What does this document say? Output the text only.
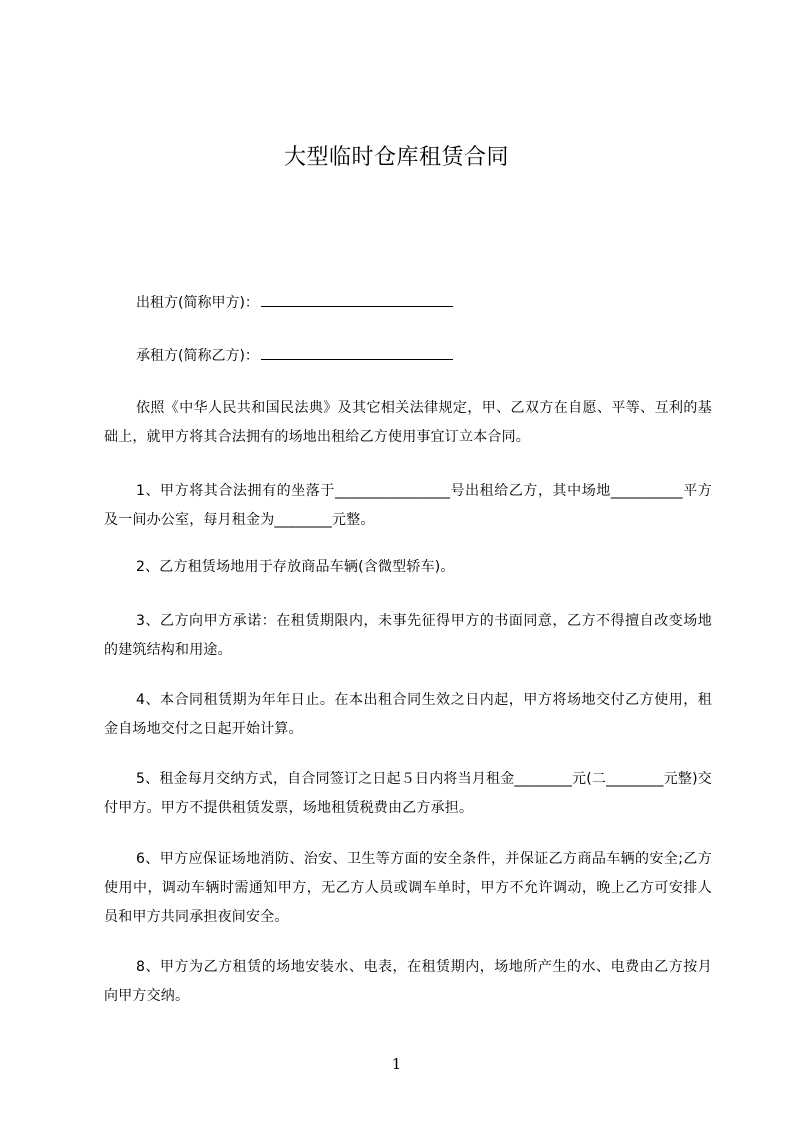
大型临时仓库租赁合同
出租方(简称甲方)：
承租方(简称乙方)：
依照《中华人民共和国民法典》及其它相关法律规定，甲、乙双方在自愿、平等、互利的基础上，就甲方将其合法拥有的场地出租给乙方使用事宜订立本合同。
1、甲方将其合法拥有的坐落于________________号出租给乙方，其中场地__________平方及一间办公室，每月租金为________元整。
2、乙方租赁场地用于存放商品车辆(含微型轿车)。
3、乙方向甲方承诺：在租赁期限内，未事先征得甲方的书面同意，乙方不得擅自改变场地的建筑结构和用途。
4、本合同租赁期为年年日止。在本出租合同生效之日内起，甲方将场地交付乙方使用，租金自场地交付之日起开始计算。
5、租金每月交纳方式，自合同签订之日起５日内将当月租金________元(二________元整)交付甲方。甲方不提供租赁发票，场地租赁税费由乙方承担。
6、甲方应保证场地消防、治安、卫生等方面的安全条件，并保证乙方商品车辆的安全;乙方使用中，调动车辆时需通知甲方，无乙方人员或调车单时，甲方不允许调动，晚上乙方可安排人员和甲方共同承担夜间安全。
8、甲方为乙方租赁的场地安装水、电表，在租赁期内，场地所产生的水、电费由乙方按月向甲方交纳。
1
